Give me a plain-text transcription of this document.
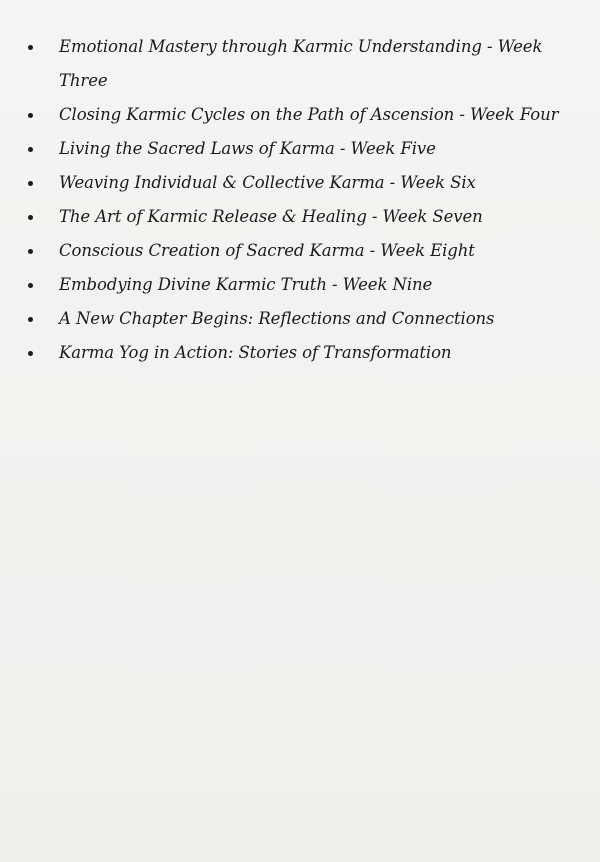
Emotional Mastery through Karmic Understanding - Week Three
Closing Karmic Cycles on the Path of Ascension - Week Four
Living the Sacred Laws of Karma - Week Five
Weaving Individual & Collective Karma - Week Six
The Art of Karmic Release & Healing - Week Seven
Conscious Creation of Sacred Karma - Week Eight
Embodying Divine Karmic Truth - Week Nine
A New Chapter Begins: Reflections and Connections
Karma Yog in Action: Stories of Transformation
